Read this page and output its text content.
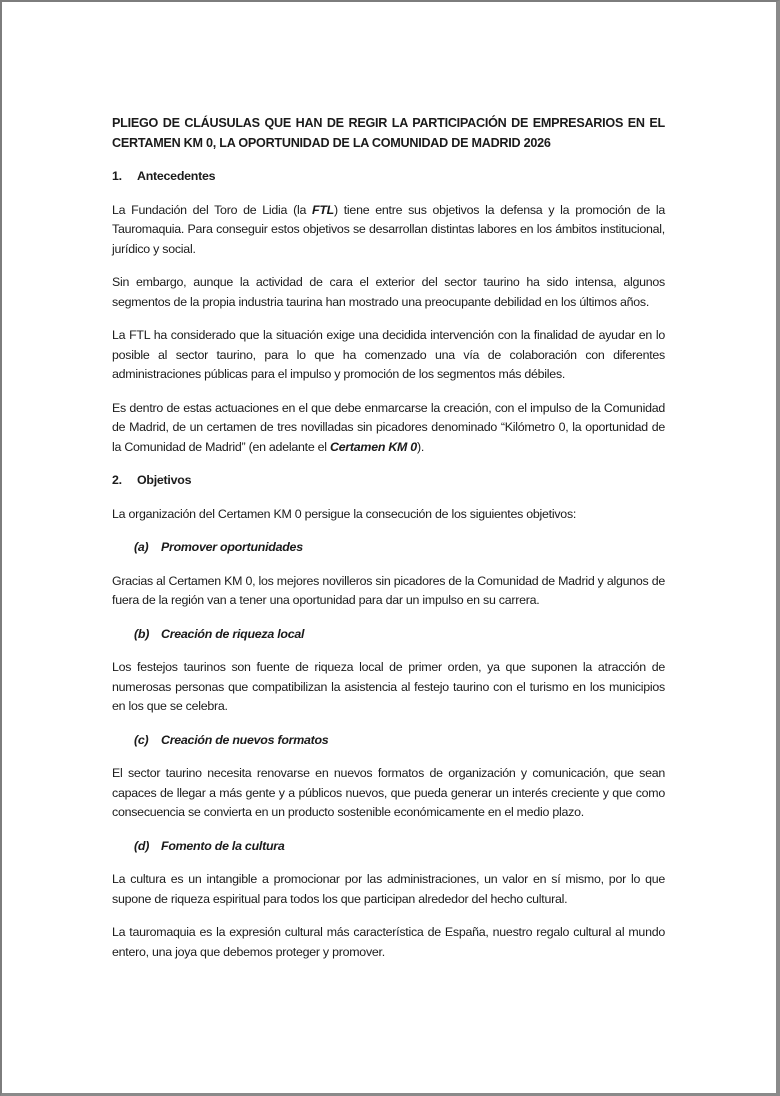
PLIEGO DE CLÁUSULAS QUE HAN DE REGIR LA PARTICIPACIÓN DE EMPRESARIOS EN EL CERTAMEN KM 0, LA OPORTUNIDAD DE LA COMUNIDAD DE MADRID 2026

1. Antecedentes

La Fundación del Toro de Lidia (la FTL) tiene entre sus objetivos la defensa y la promoción de la Tauromaquia. Para conseguir estos objetivos se desarrollan distintas labores en los ámbitos institucional, jurídico y social.

Sin embargo, aunque la actividad de cara el exterior del sector taurino ha sido intensa, algunos segmentos de la propia industria taurina han mostrado una preocupante debilidad en los últimos años.

La FTL ha considerado que la situación exige una decidida intervención con la finalidad de ayudar en lo posible al sector taurino, para lo que ha comenzado una vía de colaboración con diferentes administraciones públicas para el impulso y promoción de los segmentos más débiles.

Es dentro de estas actuaciones en el que debe enmarcarse la creación, con el impulso de la Comunidad de Madrid, de un certamen de tres novilladas sin picadores denominado “Kilómetro 0, la oportunidad de la Comunidad de Madrid” (en adelante el Certamen KM 0).

2. Objetivos

La organización del Certamen KM 0 persigue la consecución de los siguientes objetivos:

(a) Promover oportunidades

Gracias al Certamen KM 0, los mejores novilleros sin picadores de la Comunidad de Madrid y algunos de fuera de la región van a tener una oportunidad para dar un impulso en su carrera.

(b) Creación de riqueza local

Los festejos taurinos son fuente de riqueza local de primer orden, ya que suponen la atracción de numerosas personas que compatibilizan la asistencia al festejo taurino con el turismo en los municipios en los que se celebra.

(c) Creación de nuevos formatos

El sector taurino necesita renovarse en nuevos formatos de organización y comunicación, que sean capaces de llegar a más gente y a públicos nuevos, que pueda generar un interés creciente y que como consecuencia se convierta en un producto sostenible económicamente en el medio plazo.

(d) Fomento de la cultura

La cultura es un intangible a promocionar por las administraciones, un valor en sí mismo, por lo que supone de riqueza espiritual para todos los que participan alrededor del hecho cultural.

La tauromaquia es la expresión cultural más característica de España, nuestro regalo cultural al mundo entero, una joya que debemos proteger y promover.
